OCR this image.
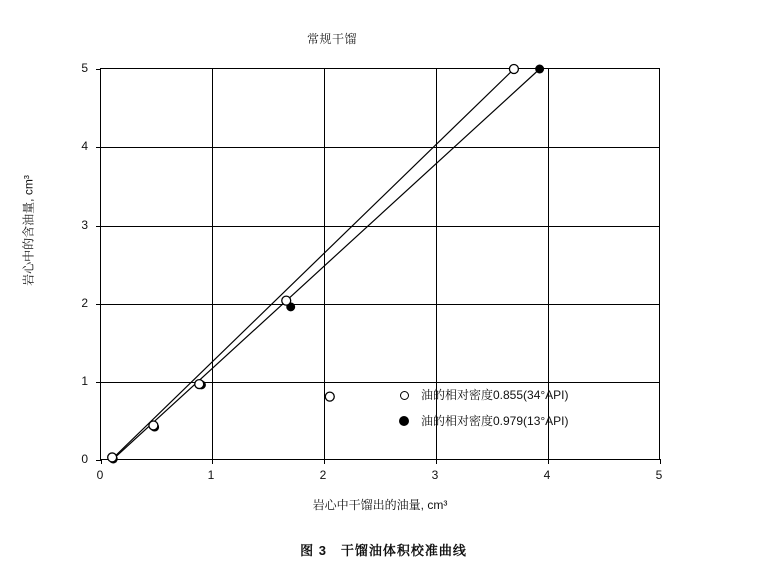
常规干馏
油的相对密度0.855(34°API)
油的相对密度0.979(13°API)
0	1	2	3	4	5
0
1
2
3
4
5
岩心中干馏出的油量, cm³
岩心中的含油量, cm³
图 3　干馏油体积校准曲线
